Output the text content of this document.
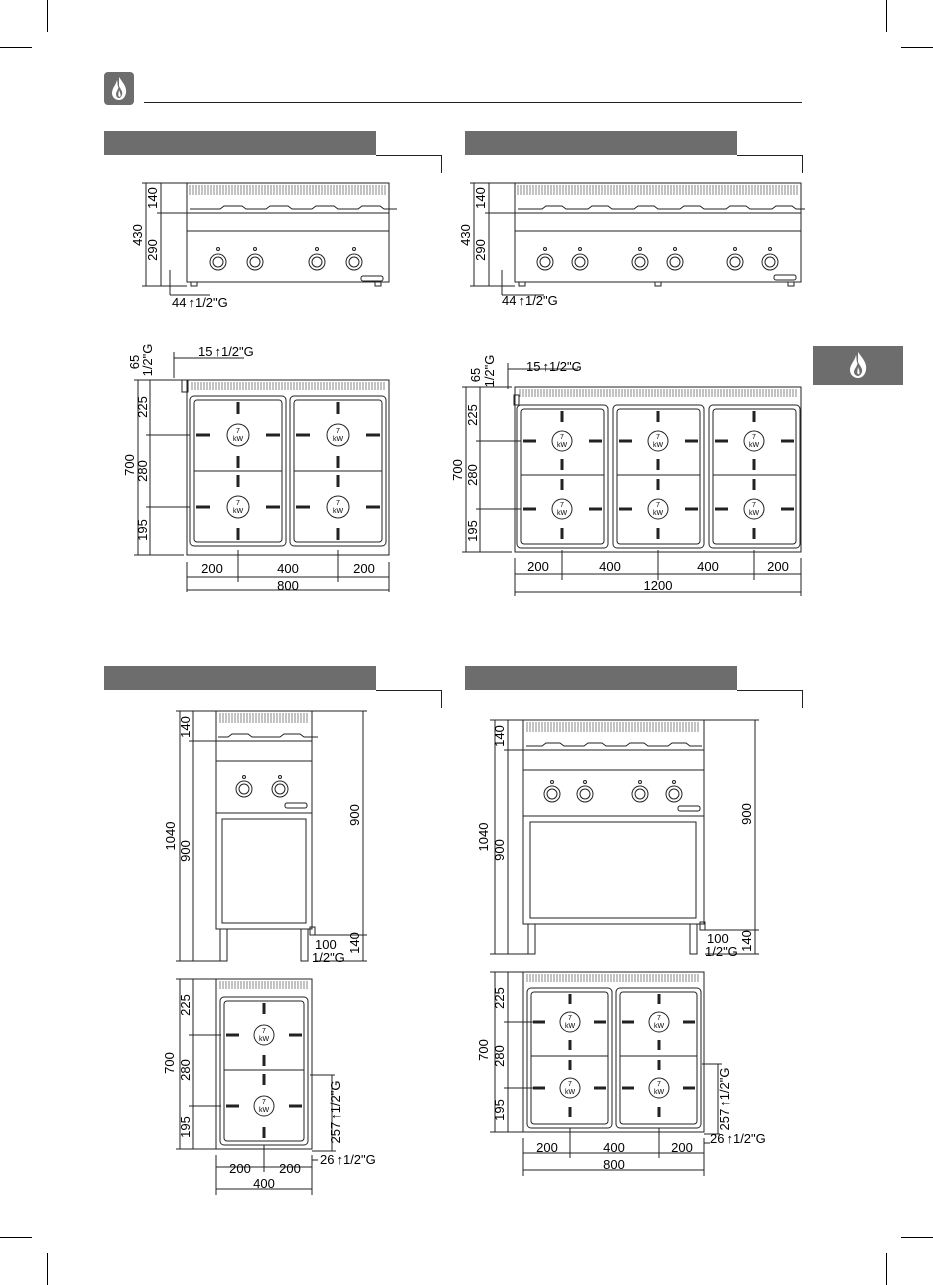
430
140
290
44 ↑1/2"G
7
kW
7
kW
7
kW
7
kW
700
225
280
195
65
1/2"G	15 ↑1/2"G
200	400	200
800
430
140
290
44 ↑1/2"G
7
kW
7
kW
7
kW
7
kW
7
kW
7
kW
700
225
280
195
65 1/2"G 15 ↑1/2"G
200	400	400	200
1200
1040
140
900
900
140
100
1/2"G
7
kW
7
kW
700
225
280
195	257↑1/2"G
26 ↑1/2"G
200 200
400
1040
140
900
900
140
100
1/2"G
7
kW
7
kW
7
kW
7
kW
700
225
280
195	257↑1/2"G
26 ↑1/2"G
200	400	200
800
